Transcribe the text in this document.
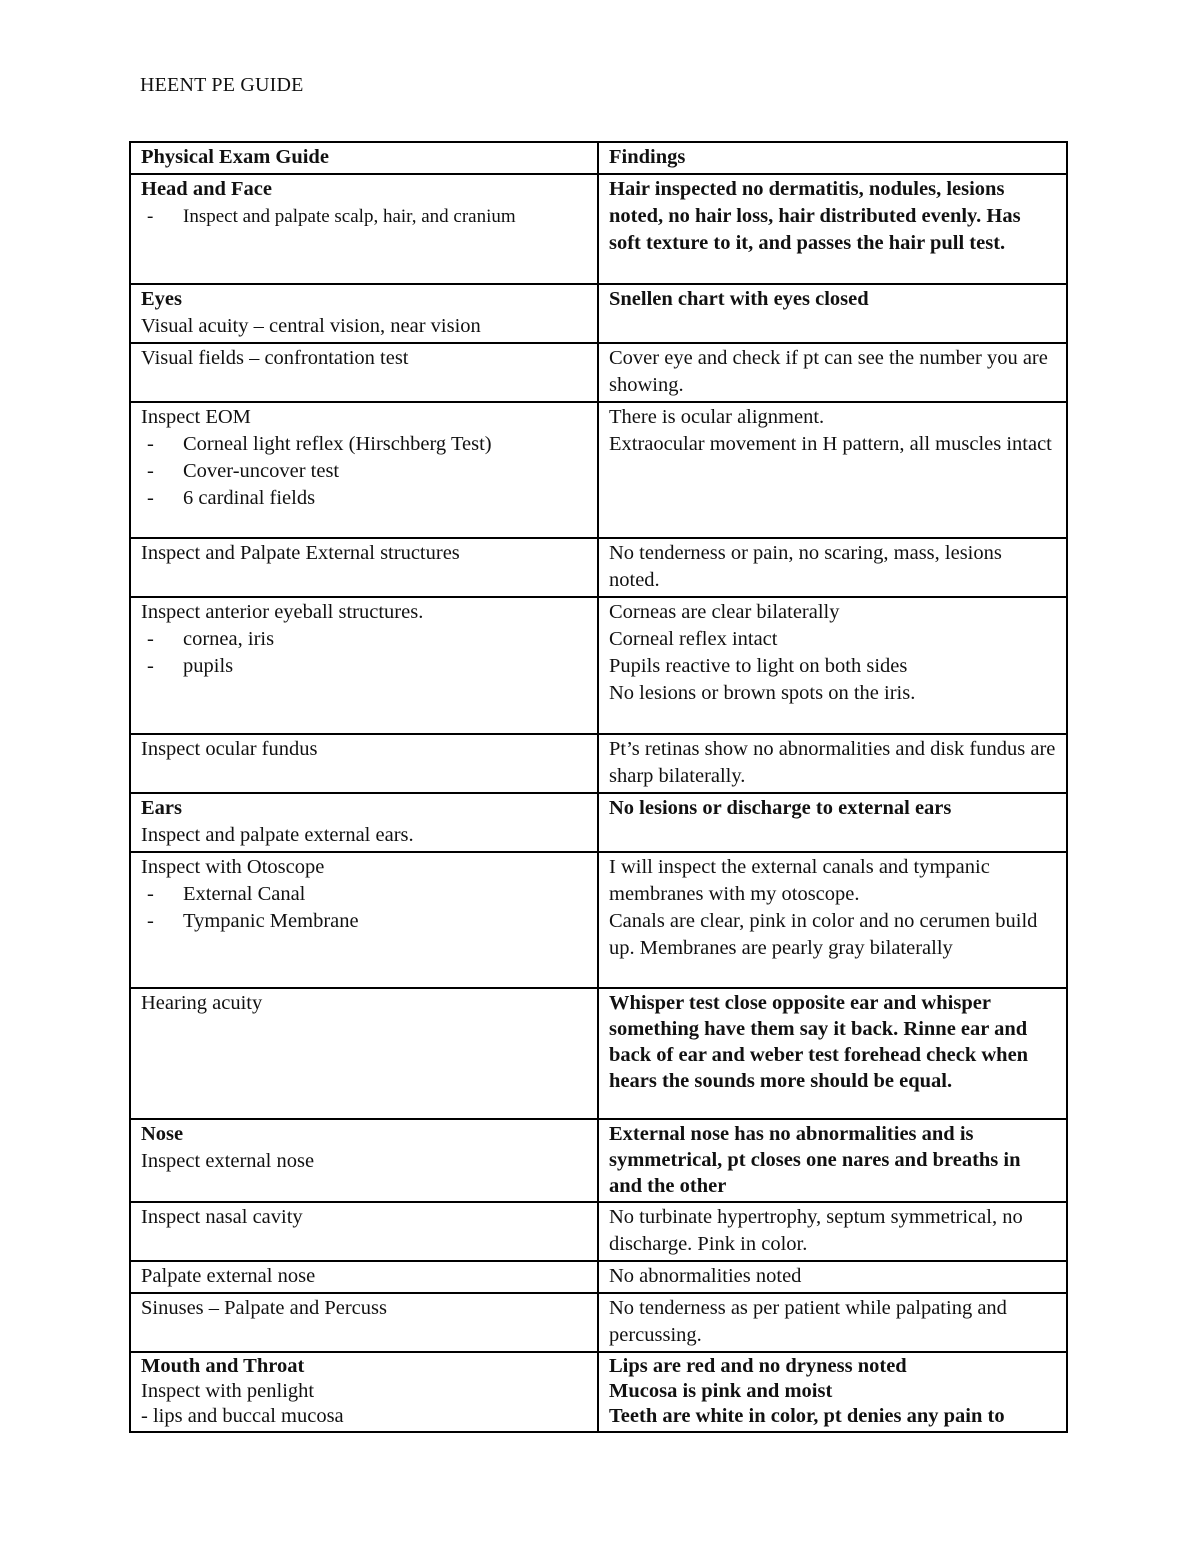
HEENT PE GUIDE
Physical Exam Guide	Findings

Head and Face
- Inspect and palpate scalp, hair, and cranium	Hair inspected no dermatitis, nodules, lesions noted, no hair loss, hair distributed evenly. Has soft texture to it, and passes the hair pull test.

Eyes
Visual acuity – central vision, near vision	Snellen chart with eyes closed

Visual fields – confrontation test	Cover eye and check if pt can see the number you are showing.

Inspect EOM
- Corneal light reflex (Hirschberg Test)
- Cover-uncover test
- 6 cardinal fields	There is ocular alignment.
Extraocular movement in H pattern, all muscles intact

Inspect and Palpate External structures	No tenderness or pain, no scaring, mass, lesions noted.

Inspect anterior eyeball structures.
- cornea, iris
- pupils	Corneas are clear bilaterally
Corneal reflex intact
Pupils reactive to light on both sides
No lesions or brown spots on the iris.

Inspect ocular fundus	Pt’s retinas show no abnormalities and disk fundus are sharp bilaterally.

Ears
Inspect and palpate external ears.	No lesions or discharge to external ears

Inspect with Otoscope
- External Canal
- Tympanic Membrane	I will inspect the external canals and tympanic membranes with my otoscope.
Canals are clear, pink in color and no cerumen build up. Membranes are pearly gray bilaterally

Hearing acuity	Whisper test close opposite ear and whisper something have them say it back. Rinne ear and back of ear and weber test forehead check when hears the sounds more should be equal.

Nose
Inspect external nose	External nose has no abnormalities and is symmetrical, pt closes one nares and breaths in and the other

Inspect nasal cavity	No turbinate hypertrophy, septum symmetrical, no discharge. Pink in color.

Palpate external nose	No abnormalities noted

Sinuses – Palpate and Percuss	No tenderness as per patient while palpating and percussing.

Mouth and Throat
Inspect with penlight
- lips and buccal mucosa	Lips are red and no dryness noted
Mucosa is pink and moist
Teeth are white in color, pt denies any pain to
